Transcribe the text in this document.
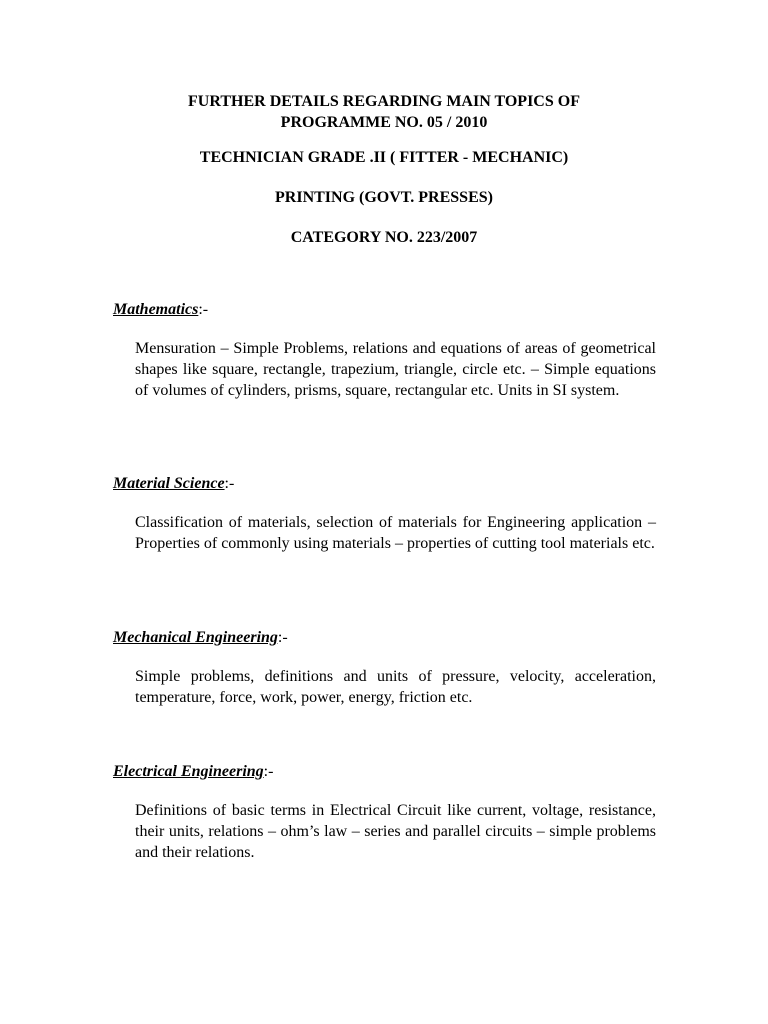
FURTHER DETAILS REGARDING MAIN TOPICS OF

PROGRAMME NO. 05 / 2010

TECHNICIAN GRADE .II ( FITTER - MECHANIC)

PRINTING (GOVT. PRESSES)

CATEGORY NO. 223/2007

Mathematics:-

Mensuration – Simple Problems, relations and equations of areas of geometrical shapes like square, rectangle, trapezium, triangle, circle etc. – Simple equations of volumes of cylinders, prisms, square, rectangular etc. Units in SI system.

Material Science:-

Classification of materials, selection of materials for Engineering application – Properties of commonly using materials – properties of cutting tool materials etc.

Mechanical Engineering:-

Simple problems, definitions and units of pressure, velocity, acceleration, temperature, force, work, power, energy, friction etc.

Electrical Engineering:-

Definitions of basic terms in Electrical Circuit like current, voltage, resistance, their units, relations – ohm’s law – series and parallel circuits – simple problems and their relations.
